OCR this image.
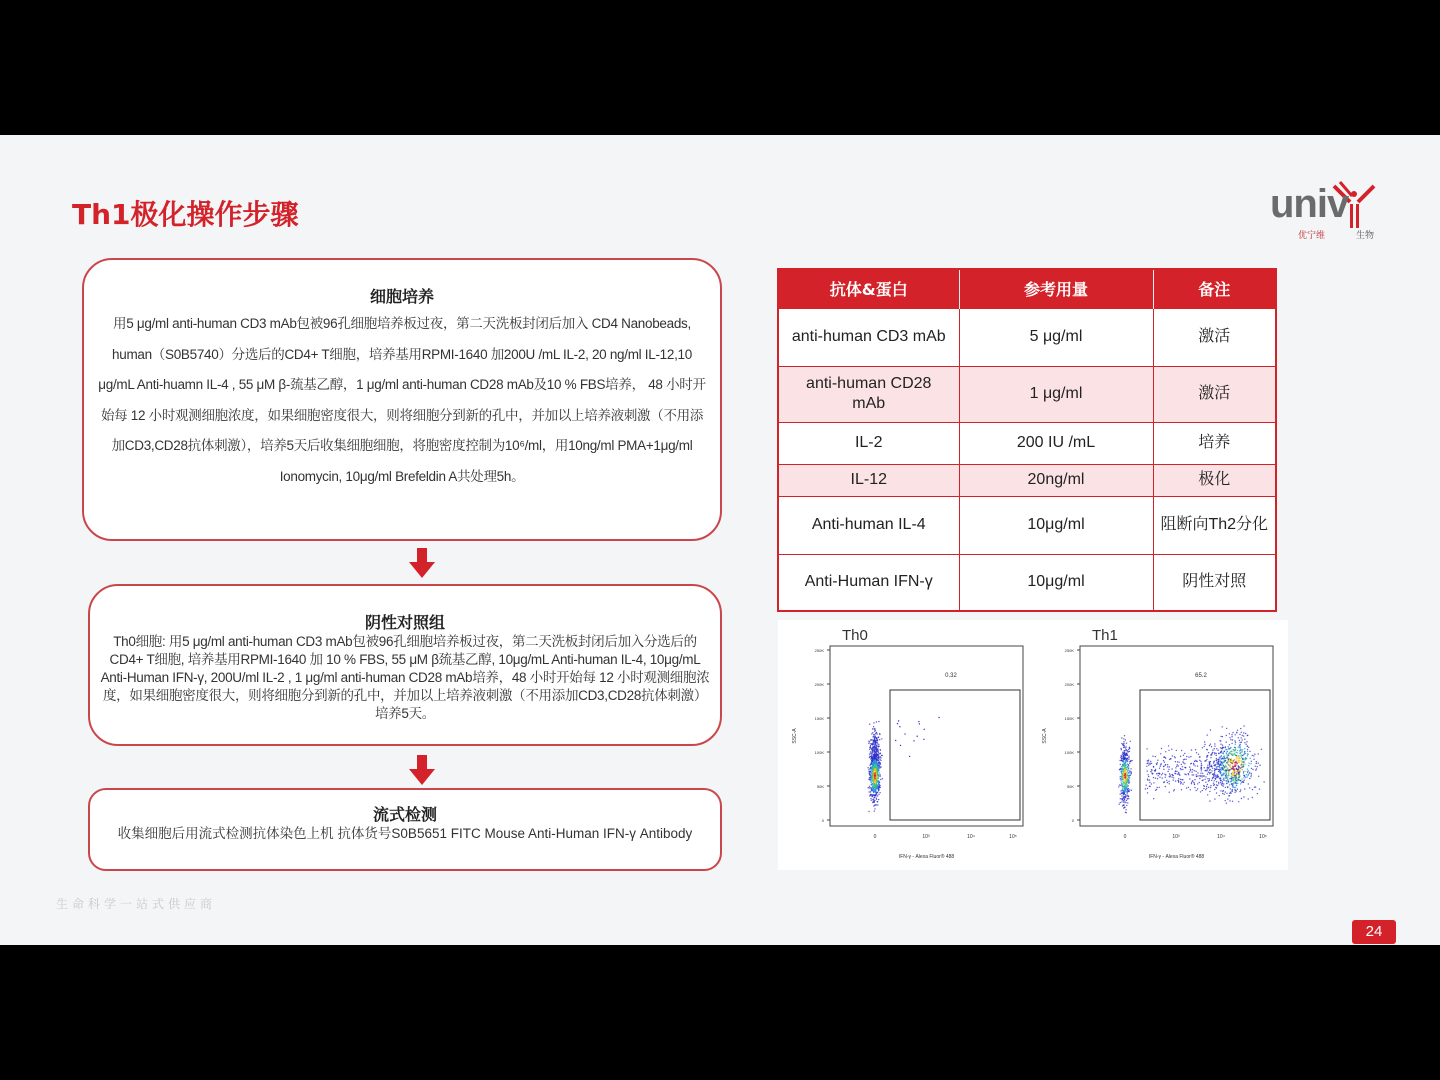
Th1极化操作步骤	univ
优宁维	生物
细胞培养

用5 μg/ml anti-human CD3 mAb包被96孔细胞培养板过夜，第二天洗板封闭后加入 CD4 Nanobeads, human（S0B5740）分选后的CD4+ T细胞，培养基用RPMI-1640 加200U /mL IL-2, 20 ng/ml IL-12,10 μg/mL Anti-huamn IL-4 , 55 μM β-巯基乙醇，1 μg/ml anti-human CD28 mAb及10 % FBS培养， 48 小时开始每 12 小时观测细胞浓度，如果细胞密度很大，则将细胞分到新的孔中，并加以上培养液刺激（不用添加CD3,CD28抗体刺激），培养5天后收集细胞细胞，将胞密度控制为10⁶/ml，用10ng/ml PMA+1μg/ml Ionomycin, 10μg/ml Brefeldin A共处理5h。

阴性对照组

Th0细胞: 用5 μg/ml anti-human CD3 mAb包被96孔细胞培养板过夜，第二天洗板封闭后加入分选后的CD4+ T细胞, 培养基用RPMI-1640 加 10 % FBS, 55 μM β巯基乙醇, 10μg/mL Anti-human IL-4, 10μg/mL Anti-Human IFN-γ, 200U/ml IL-2 , 1 μg/ml anti-human CD28 mAb培养，48 小时开始每 12 小时观测细胞浓度，如果细胞密度很大，则将细胞分到新的孔中，并加以上培养液刺激（不用添加CD3,CD28抗体刺激）培养5天。

流式检测

收集细胞后用流式检测抗体染色上机 抗体货号S0B5651 FITC Mouse Anti-Human IFN-γ Antibody

抗体&蛋白	参考用量	备注
anti-human CD3 mAb	5 μg/ml	激活
anti-human CD28 mAb	1 μg/ml	激活
IL-2	200 IU /mL	培养
IL-12	20ng/ml	极化
Anti-human IL-4	10μg/ml	阻断向Th2分化
Anti-Human IFN-γ	10μg/ml	阴性对照
Th0
0
50K
100K
150K
200K
250K
0	10³	10⁴	10⁵
SSC-A
IFN-γ - Alexa Fluor® 488
0.32
Th1
0
50K
100K
150K
200K
250K
0	10³	10⁴	10⁵
SSC-A
IFN-γ - Alexa Fluor® 488
65.2
生命科学一站式供应商
24
